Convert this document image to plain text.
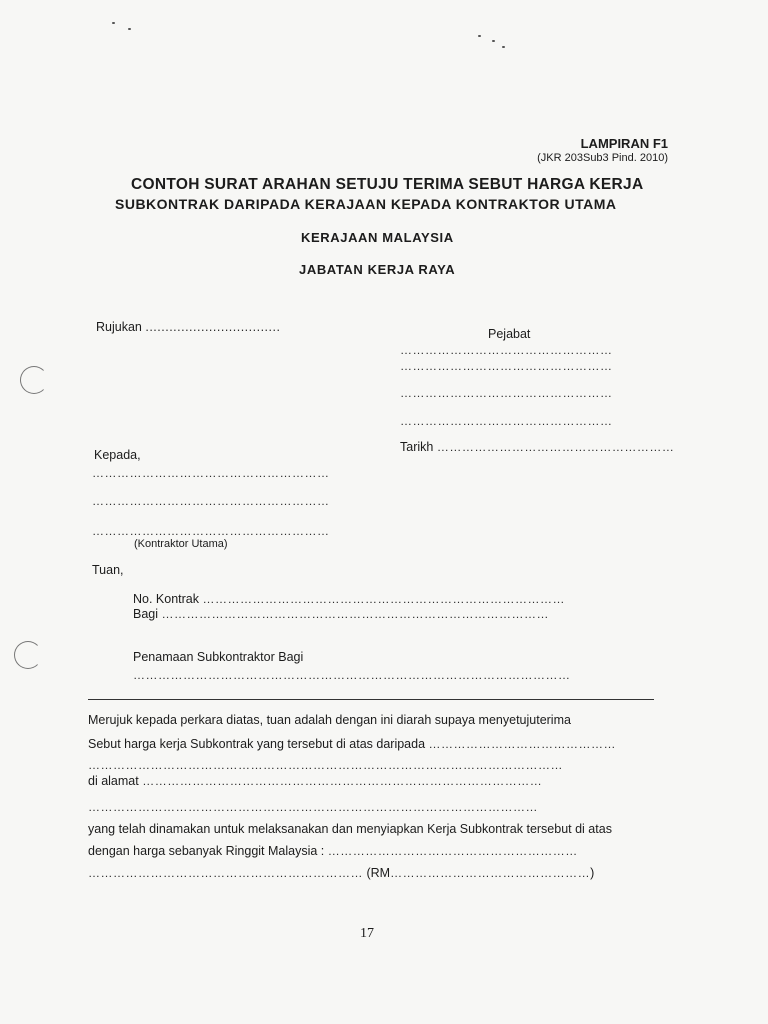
LAMPIRAN F1
(JKR 203Sub3 Pind. 2010)
CONTOH SURAT ARAHAN SETUJU TERIMA SEBUT HARGA KERJA
SUBKONTRAK DARIPADA KERAJAAN KEPADA KONTRAKTOR UTAMA
KERAJAAN MALAYSIA
JABATAN KERJA RAYA
Rujukan ..................................	Pejabat
……………………………………………
……………………………………………
……………………………………………
……………………………………………
Tarikh …………………………………………………
Kepada,
…………………………………………………
…………………………………………………
…………………………………………………
(Kontraktor Utama)
Tuan,
No. Kontrak ……………………………………………………………………………
Bagi …………………………………………………………………………………
Penamaan Subkontraktor Bagi
……………………………………………………………………………………………
Merujuk kepada perkara diatas, tuan adalah dengan ini diarah supaya menyetujuterima
Sebut harga kerja Subkontrak yang tersebut di atas daripada ………………………………………
……………………………………………………………………………………………………
di alamat ……………………………………………………………………………………
………………………………………………………………………………………………
yang telah dinamakan untuk melaksanakan dan menyiapkan Kerja Subkontrak tersebut di atas
dengan harga sebanyak Ringgit Malaysia : ……………………………………………………
………………………………………………………… (RM…………………………………………)
17
